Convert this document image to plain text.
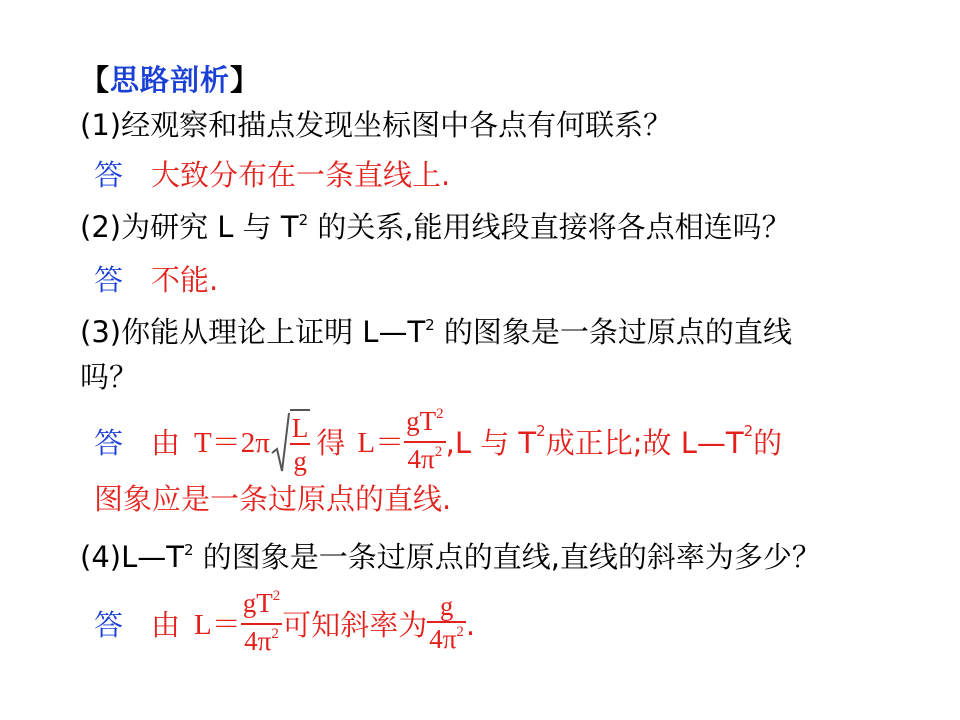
【思路剖析】
(1)经观察和描点发现坐标图中各点有何联系？
答 大致分布在一条直线上.
(2)为研究 L 与 $T^2$ 的关系,能用线段直接将各点相连吗？
答 不能.
(3)你能从理论上证明 $L—T^2$ 的图象是一条过原点的直线
吗？
答 由 $T=2\pi \frac{L}{g}$ 得 $L= \frac{gT^2}{4\pi^2} ,L$ 与 T 2 成正比;故 L—T 2 的
图象应是一条过原点的直线.
$(4)L—T^2$ 的图象是一条过原点的直线,直线的斜率为多少？
答 由 $L= \frac{gT^2}{4\pi^2}$ 可知斜率为 $\frac{g}{4\pi^2}$ .
